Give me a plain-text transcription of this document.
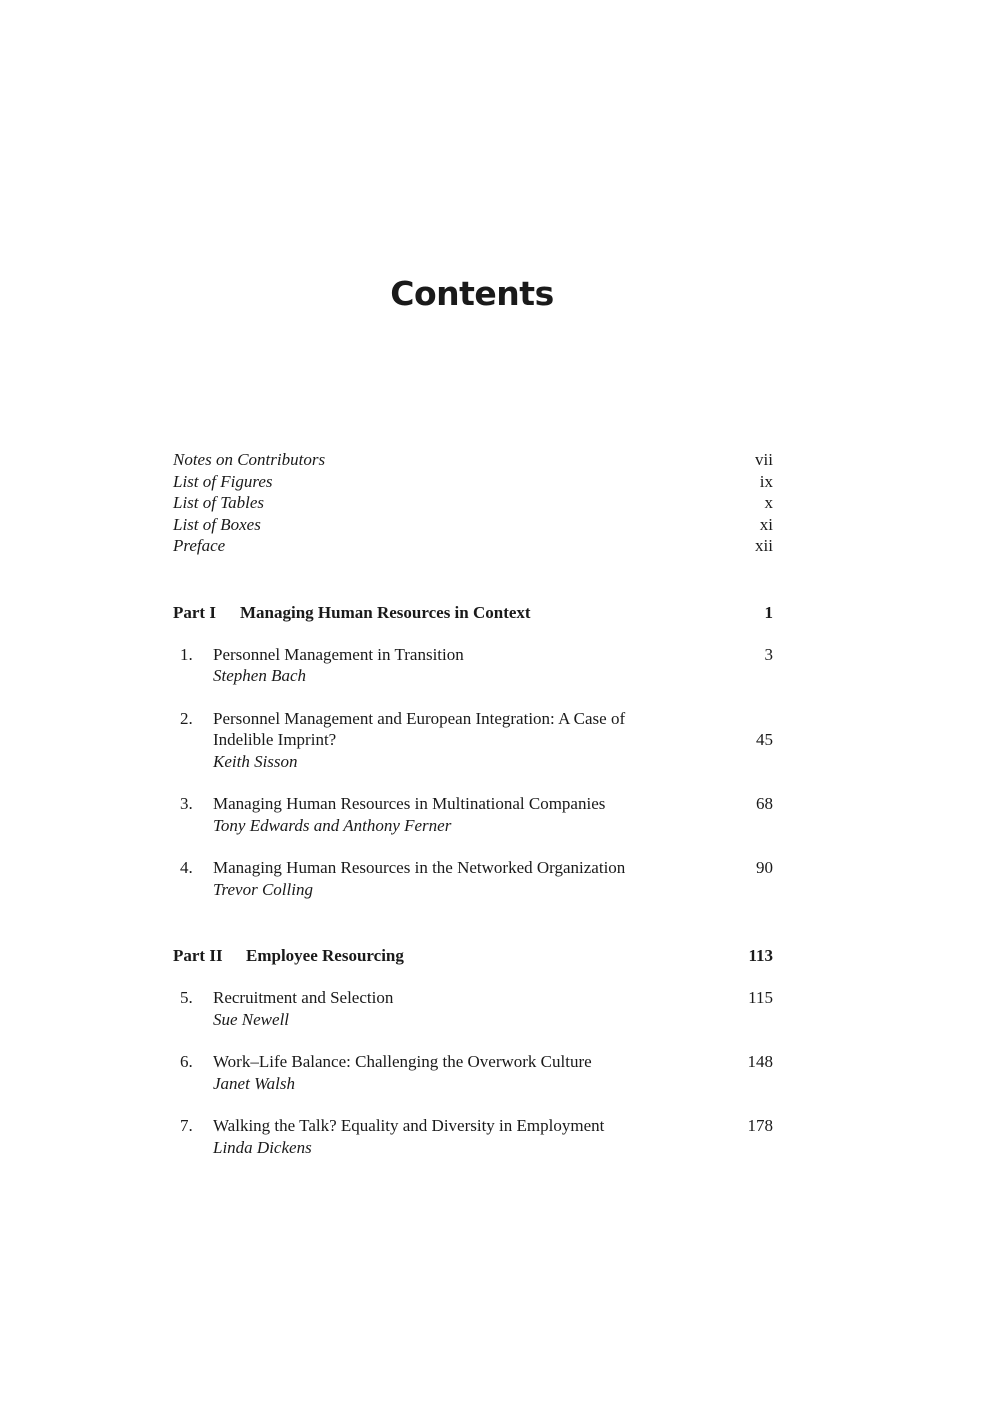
Contents
Notes on Contributors	vii
List of Figures	ix
List of Tables	x
List of Boxes	xi
Preface	xii
Part I Managing Human Resources in Context	1
1.	Personnel Management in Transition	3
Stephen Bach
2.	Personnel Management and European Integration: A Case of
Indelible Imprint?	45
Keith Sisson
3.	Managing Human Resources in Multinational Companies	68
Tony Edwards and Anthony Ferner
4.	Managing Human Resources in the Networked Organization	90
Trevor Colling
Part II Employee Resourcing	113
5.	Recruitment and Selection	115
Sue Newell
6.	Work–Life Balance: Challenging the Overwork Culture	148
Janet Walsh
7.	Walking the Talk? Equality and Diversity in Employment	178
Linda Dickens
